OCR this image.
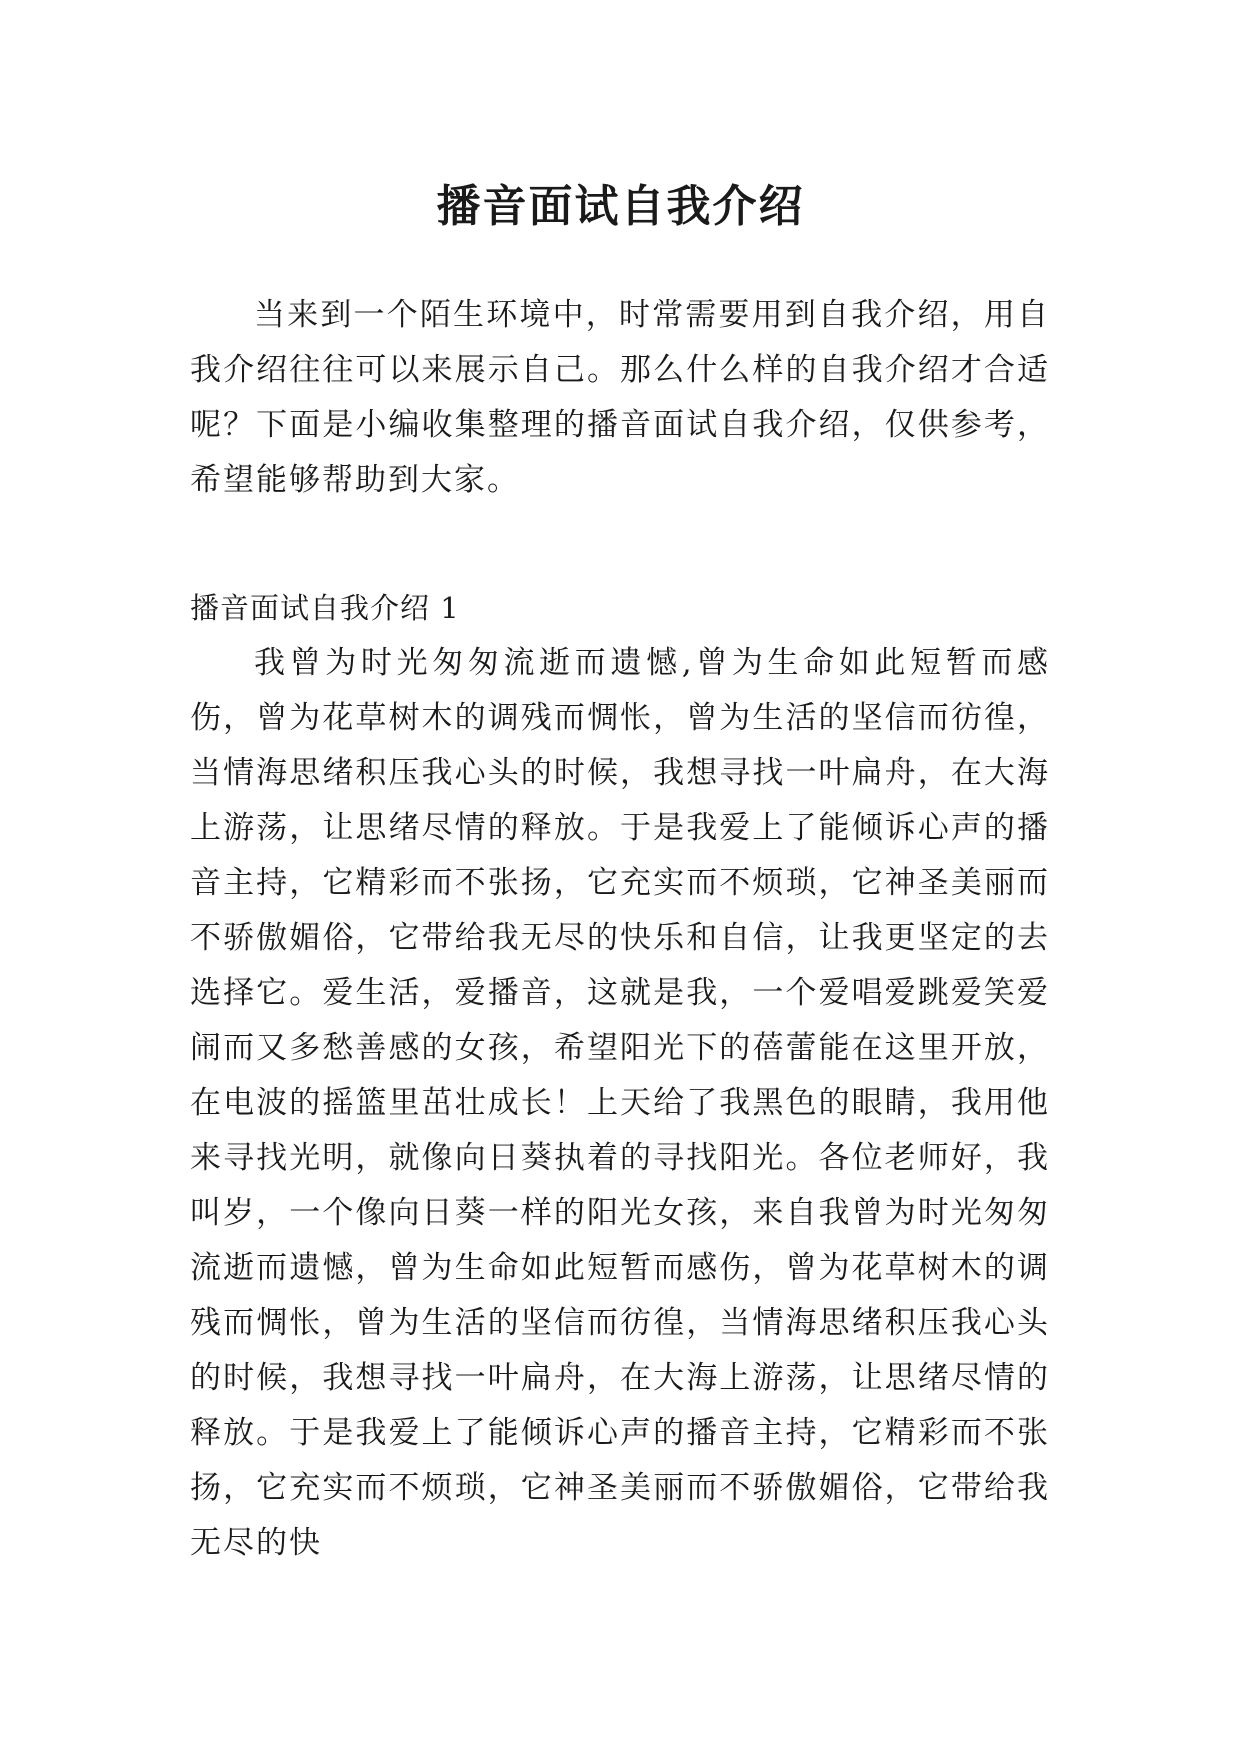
播音面试自我介绍

当来到一个陌生环境中，时常需要用到自我介绍，用自我介绍往往可以来展示自己。那么什么样的自我介绍才合适呢？下面是小编收集整理的播音面试自我介绍，仅供参考，希望能够帮助到大家。

播音面试自我介绍 1

我曾为时光匆匆流逝而遗憾,曾为生命如此短暂而感伤，曾为花草树木的调残而惆怅，曾为生活的坚信而彷徨，当情海思绪积压我心头的时候，我想寻找一叶扁舟，在大海上游荡，让思绪尽情的释放。于是我爱上了能倾诉心声的播音主持，它精彩而不张扬，它充实而不烦琐，它神圣美丽而不骄傲媚俗，它带给我无尽的快乐和自信，让我更坚定的去选择它。爱生活，爱播音，这就是我，一个爱唱爱跳爱笑爱闹而又多愁善感的女孩，希望阳光下的蓓蕾能在这里开放，在电波的摇篮里茁壮成长！上天给了我黑色的眼睛，我用他来寻找光明，就像向日葵执着的寻找阳光。各位老师好，我叫岁，一个像向日葵一样的阳光女孩，来自我曾为时光匆匆流逝而遗憾，曾为生命如此短暂而感伤，曾为花草树木的调残而惆怅，曾为生活的坚信而彷徨，当情海思绪积压我心头的时候，我想寻找一叶扁舟，在大海上游荡，让思绪尽情的释放。于是我爱上了能倾诉心声的播音主持，它精彩而不张扬，它充实而不烦琐，它神圣美丽而不骄傲媚俗，它带给我无尽的快
